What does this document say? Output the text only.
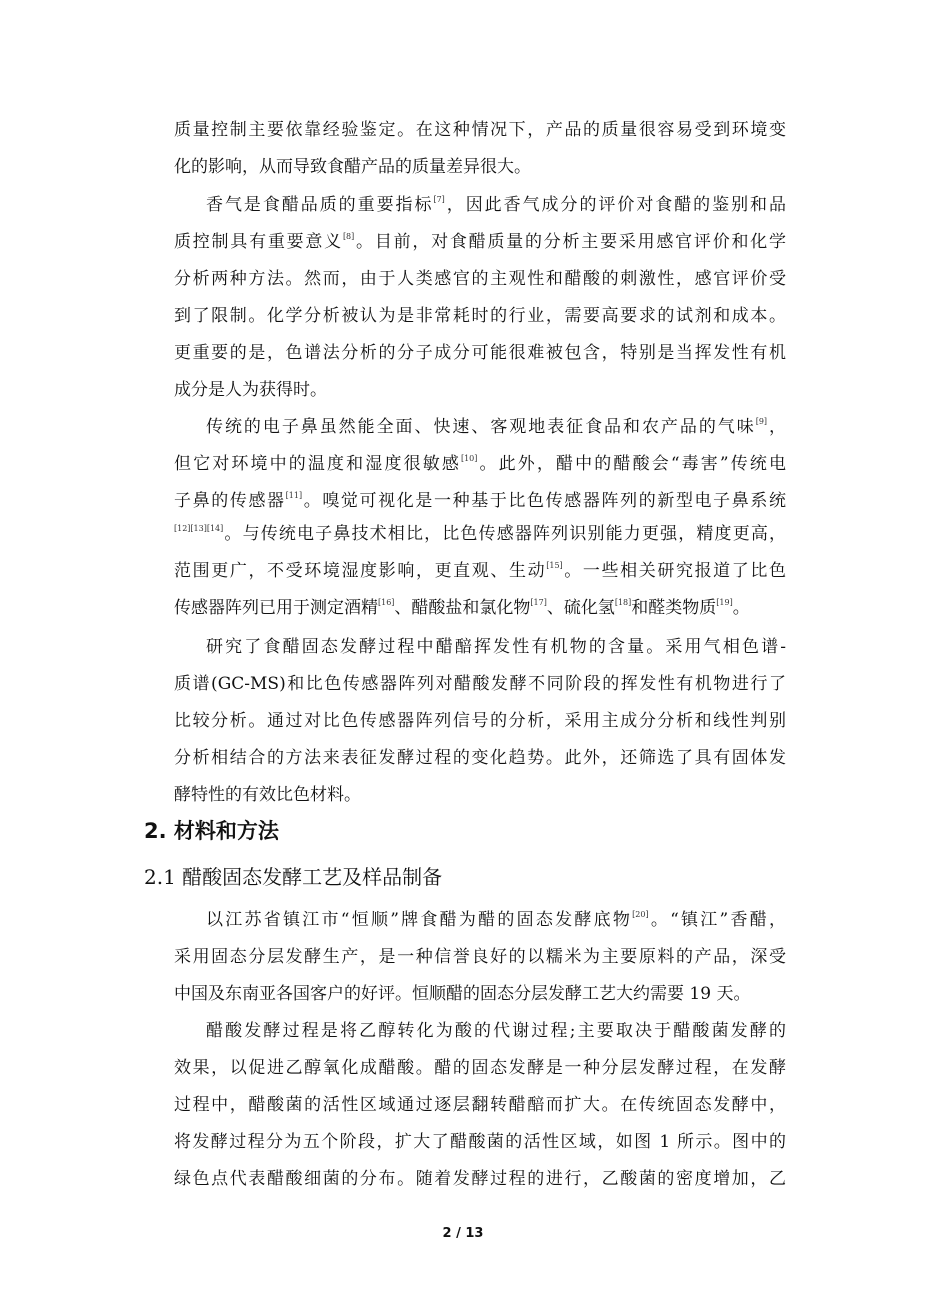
质量控制主要依靠经验鉴定。在这种情况下，产品的质量很容易受到环境变
化的影响，从而导致食醋产品的质量差异很大。
香气是食醋品质的重要指标[7]，因此香气成分的评价对食醋的鉴别和品
质控制具有重要意义[8]。目前，对食醋质量的分析主要采用感官评价和化学
分析两种方法。然而，由于人类感官的主观性和醋酸的刺激性，感官评价受
到了限制。化学分析被认为是非常耗时的行业，需要高要求的试剂和成本。
更重要的是，色谱法分析的分子成分可能很难被包含，特别是当挥发性有机
成分是人为获得时。
传统的电子鼻虽然能全面、快速、客观地表征食品和农产品的气味[9]，
但它对环境中的温度和湿度很敏感[10]。此外，醋中的醋酸会“毒害”传统电
子鼻的传感器[11]。嗅觉可视化是一种基于比色传感器阵列的新型电子鼻系统
[12][13][14]。与传统电子鼻技术相比，比色传感器阵列识别能力更强，精度更高，
范围更广，不受环境湿度影响，更直观、生动[15]。一些相关研究报道了比色
传感器阵列已用于测定酒精[16]、醋酸盐和氯化物[17]、硫化氢[18]和醛类物质[19]。
研究了食醋固态发酵过程中醋醅挥发性有机物的含量。采用气相色谱-
质谱(GC-MS)和比色传感器阵列对醋酸发酵不同阶段的挥发性有机物进行了
比较分析。通过对比色传感器阵列信号的分析，采用主成分分析和线性判别
分析相结合的方法来表征发酵过程的变化趋势。此外，还筛选了具有固体发
酵特性的有效比色材料。
2. 材料和方法
2.1 醋酸固态发酵工艺及样品制备
以江苏省镇江市“恒顺”牌食醋为醋的固态发酵底物[20]。“镇江”香醋，
采用固态分层发酵生产，是一种信誉良好的以糯米为主要原料的产品，深受
中国及东南亚各国客户的好评。恒顺醋的固态分层发酵工艺大约需要 19 天。
醋酸发酵过程是将乙醇转化为酸的代谢过程;主要取决于醋酸菌发酵的
效果，以促进乙醇氧化成醋酸。醋的固态发酵是一种分层发酵过程，在发酵
过程中，醋酸菌的活性区域通过逐层翻转醋醅而扩大。在传统固态发酵中，
将发酵过程分为五个阶段，扩大了醋酸菌的活性区域，如图 1 所示。图中的
绿色点代表醋酸细菌的分布。随着发酵过程的进行，乙酸菌的密度增加，乙
2 / 13
